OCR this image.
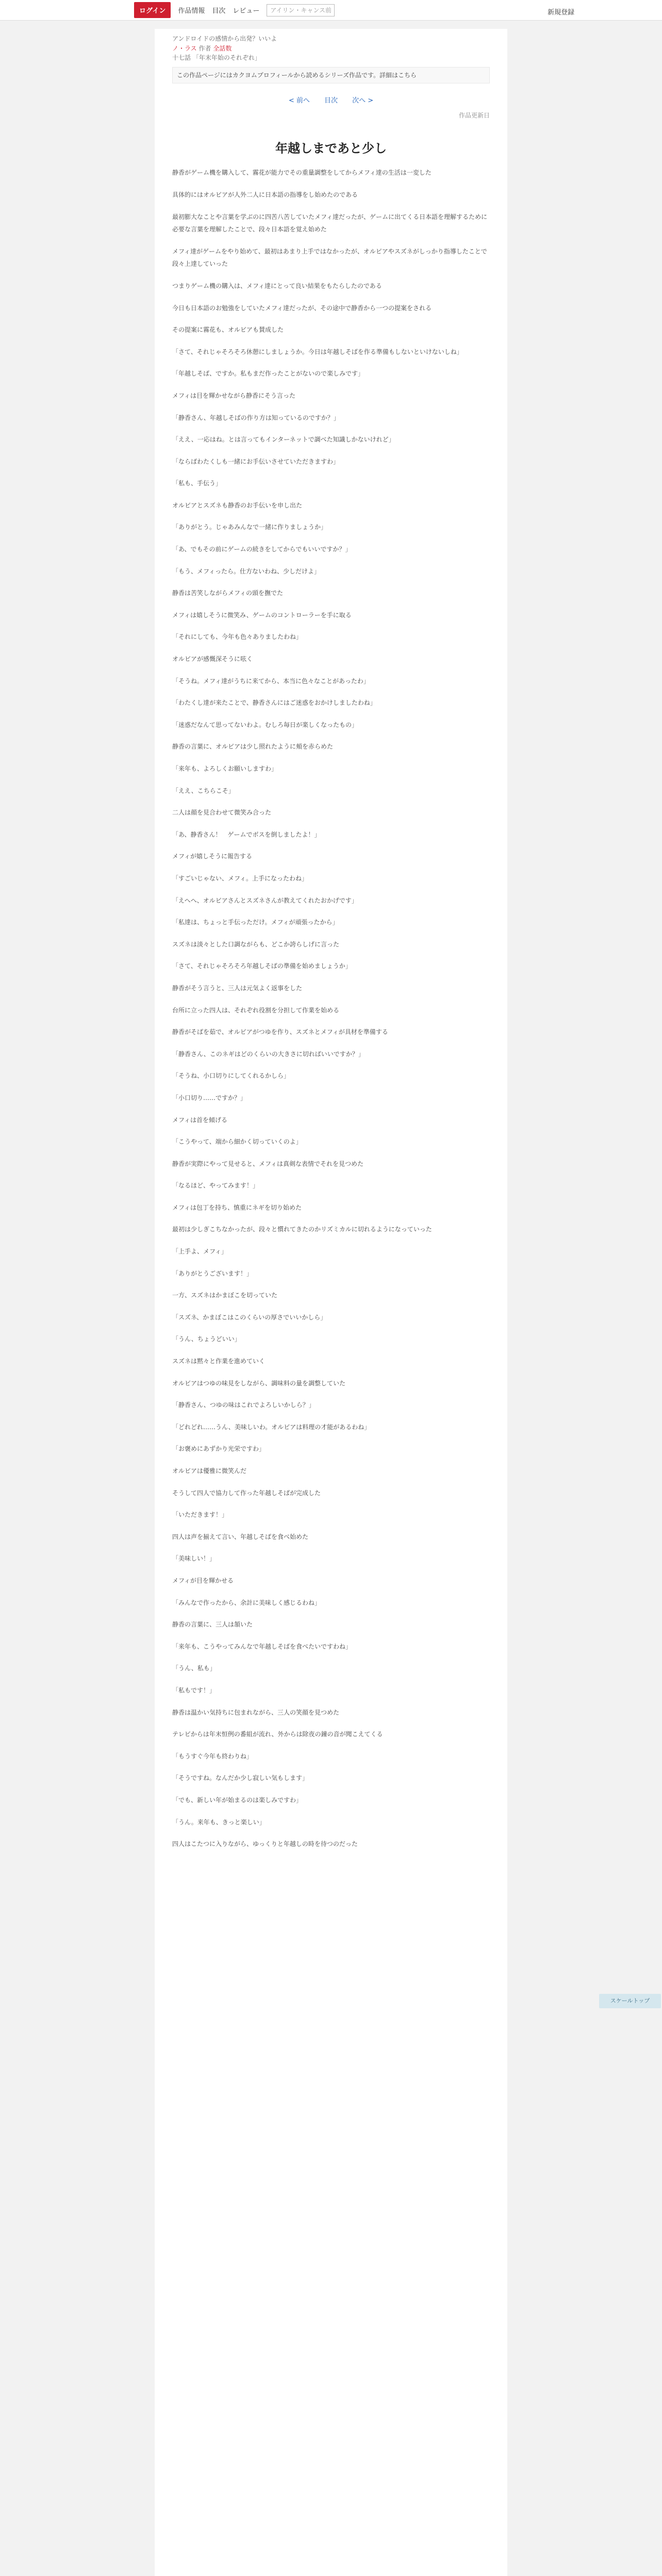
ログイン	作品情報 目次 レビュー
アイリン・キャンス前	新規登録
アンドロイドの感情から出発？いいよ
ノ・ラス 作者 全話数
十七話 「年末年始のそれぞれ」
この作品ページにはカクヨムプロフィールから読めるシリーズ作品です。詳細はこちら
< 前へ 目次 次へ >
作品更新日
年越しまであと少し

静香がゲーム機を購入して、霧花が能力でその重量調整をしてからメフィ達の生活は一変した

具体的にはオルビアが人外二人に日本語の指導をし始めたのである

最初膨大なことや言葉を学ぶのに四苦八苦していたメフィ達だったが、ゲームに出てくる日本語を理解するために必要な言葉を理解したことで、段々日本語を覚え始めた

メフィ達がゲームをやり始めて、最初はあまり上手ではなかったが、オルビアやスズネがしっかり指導したことで段々上達していった

つまりゲーム機の購入は、メフィ達にとって良い結果をもたらしたのである

今日も日本語のお勉強をしていたメフィ達だったが、その途中で静香から一つの提案をされる

その提案に霧花も、オルビアも賛成した

「さて、それじゃそろそろ休憩にしましょうか。今日は年越しそばを作る準備もしないといけないしね」

「年越しそば、ですか。私もまだ作ったことがないので楽しみです」

メフィは目を輝かせながら静香にそう言った

「静香さん、年越しそばの作り方は知っているのですか？」

「ええ、一応はね。とは言ってもインターネットで調べた知識しかないけれど」

「ならばわたくしも一緒にお手伝いさせていただきますわ」

「私も、手伝う」

オルビアとスズネも静香のお手伝いを申し出た

「ありがとう。じゃあみんなで一緒に作りましょうか」

「あ、でもその前にゲームの続きをしてからでもいいですか？」

「もう、メフィったら。仕方ないわね、少しだけよ」

静香は苦笑しながらメフィの頭を撫でた

メフィは嬉しそうに微笑み、ゲームのコントローラーを手に取る

「それにしても、今年も色々ありましたわね」

オルビアが感慨深そうに呟く

「そうね。メフィ達がうちに来てから、本当に色々なことがあったわ」

「わたくし達が来たことで、静香さんにはご迷惑をおかけしましたわね」

「迷惑だなんて思ってないわよ。むしろ毎日が楽しくなったもの」

静香の言葉に、オルビアは少し照れたように頬を赤らめた

「来年も、よろしくお願いしますわ」

「ええ、こちらこそ」

二人は顔を見合わせて微笑み合った

「あ、静香さん！　ゲームでボスを倒しましたよ！」

メフィが嬉しそうに報告する

「すごいじゃない、メフィ。上手になったわね」

「えへへ、オルビアさんとスズネさんが教えてくれたおかげです」

「私達は、ちょっと手伝っただけ。メフィが頑張ったから」

スズネは淡々とした口調ながらも、どこか誇らしげに言った

「さて、それじゃそろそろ年越しそばの準備を始めましょうか」

静香がそう言うと、三人は元気よく返事をした

台所に立った四人は、それぞれ役割を分担して作業を始める

静香がそばを茹で、オルビアがつゆを作り、スズネとメフィが具材を準備する

「静香さん、このネギはどのくらいの大きさに切ればいいですか？」

「そうね、小口切りにしてくれるかしら」

「小口切り……ですか？」

メフィは首を傾げる

「こうやって、端から細かく切っていくのよ」

静香が実際にやって見せると、メフィは真剣な表情でそれを見つめた

「なるほど、やってみます！」

メフィは包丁を持ち、慎重にネギを切り始めた

最初は少しぎこちなかったが、段々と慣れてきたのかリズミカルに切れるようになっていった

「上手よ、メフィ」

「ありがとうございます！」

一方、スズネはかまぼこを切っていた

「スズネ、かまぼこはこのくらいの厚さでいいかしら」

「うん、ちょうどいい」

スズネは黙々と作業を進めていく

オルビアはつゆの味見をしながら、調味料の量を調整していた

「静香さん、つゆの味はこれでよろしいかしら？」

「どれどれ……うん、美味しいわ。オルビアは料理の才能があるわね」

「お褒めにあずかり光栄ですわ」

オルビアは優雅に微笑んだ

そうして四人で協力して作った年越しそばが完成した

「いただきます！」

四人は声を揃えて言い、年越しそばを食べ始めた

「美味しい！」

メフィが目を輝かせる

「みんなで作ったから、余計に美味しく感じるわね」

静香の言葉に、三人は頷いた

「来年も、こうやってみんなで年越しそばを食べたいですわね」

「うん、私も」

「私もです！」

静香は温かい気持ちに包まれながら、三人の笑顔を見つめた

テレビからは年末恒例の番組が流れ、外からは除夜の鐘の音が聞こえてくる

「もうすぐ今年も終わりね」

「そうですね。なんだか少し寂しい気もします」

「でも、新しい年が始まるのは楽しみですわ」

「うん。来年も、きっと楽しい」

四人はこたつに入りながら、ゆっくりと年越しの時を待つのだった

スケールトップ
